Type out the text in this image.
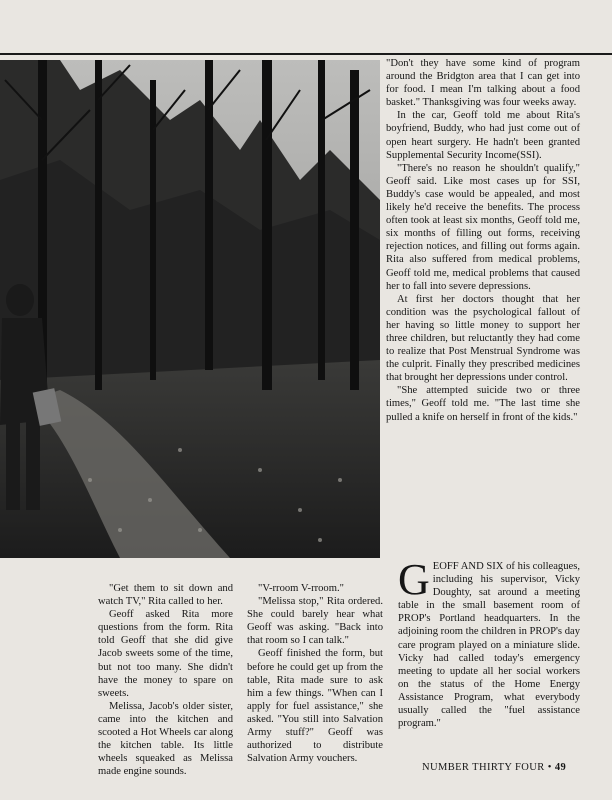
"Don't they have some kind of program around the Bridgton area that I can get into for food. I mean I'm talking about a food basket." Thanksgiving was four weeks away.

In the car, Geoff told me about Rita's boyfriend, Buddy, who had just come out of open heart surgery. He hadn't been granted Supplemental Security Income(SSI).

"There's no reason he shouldn't qualify," Geoff said. Like most cases up for SSI, Buddy's case would be appealed, and most likely he'd receive the benefits. The process often took at least six months, Geoff told me, six months of filling out forms, receiving rejection notices, and filling out forms again. Rita also suffered from medical problems, Geoff told me, medical problems that caused her to fall into severe depressions.

At first her doctors thought that her condition was the psychological fallout of her having so little money to support her three children, but reluctantly they had come to realize that Post Menstrual Syndrome was the culprit. Finally they prescribed medicines that brought her depressions under control.

"She attempted suicide two or three times," Geoff told me. "The last time she pulled a knife on herself in front of the kids."

"Get them to sit down and watch TV," Rita called to her.

Geoff asked Rita more questions from the form. Rita told Geoff that she did give Jacob sweets some of the time, but not too many. She didn't have the money to spare on sweets.

Melissa, Jacob's older sister, came into the kitchen and scooted a Hot Wheels car along the kitchen table. Its little wheels squeaked as Melissa made engine sounds.

"V-rroom V-rroom."

"Melissa stop," Rita ordered. She could barely hear what Geoff was asking. "Back into that room so I can talk."

Geoff finished the form, but before he could get up from the table, Rita made sure to ask him a few things. "When can I apply for fuel assistance," she asked. "You still into Salvation Army stuff?" Geoff was authorized to distribute Salvation Army vouchers.

GEOFF AND SIX of his colleagues, including his supervisor, Vicky Doughty, sat around a meeting table in the small basement room of PROP's Portland headquarters. In the adjoining room the children in PROP's day care program played on a miniature slide. Vicky had called today's emergency meeting to update all her social workers on the status of the Home Energy Assistance Program, what everybody usually called the "fuel assistance program."

NUMBER THIRTY FOUR • 49
